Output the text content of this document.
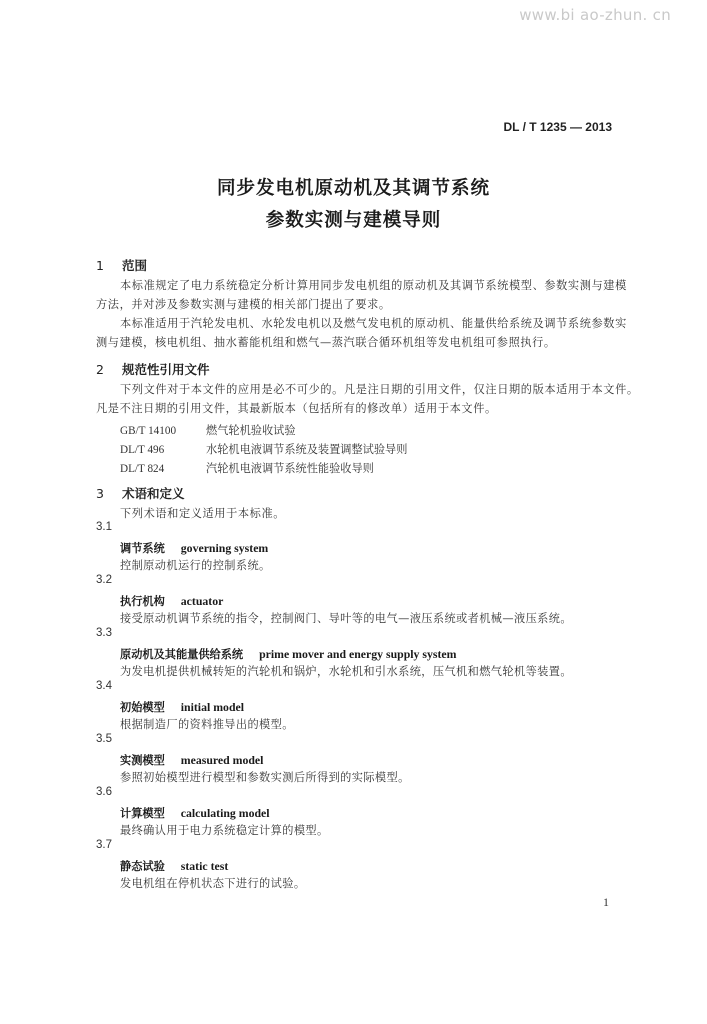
www.bi ao-zhun. cn
DL / T 1235 — 2013
同步发电机原动机及其调节系统
参数实测与建模导则
1 范围
本标准规定了电力系统稳定分析计算用同步发电机组的原动机及其调节系统模型、参数实测与建模
方法，并对涉及参数实测与建模的相关部门提出了要求。
本标准适用于汽轮发电机、水轮发电机以及燃气发电机的原动机、能量供给系统及调节系统参数实
测与建模，核电机组、抽水蓄能机组和燃气—蒸汽联合循环机组等发电机组可参照执行。
2 规范性引用文件
下列文件对于本文件的应用是必不可少的。凡是注日期的引用文件，仅注日期的版本适用于本文件。
凡是不注日期的引用文件，其最新版本（包括所有的修改单）适用于本文件。
GB/T 14100	燃气轮机验收试验
DL/T 496	水轮机电液调节系统及装置调整试验导则
DL/T 824	汽轮机电液调节系统性能验收导则
3 术语和定义
下列术语和定义适用于本标准。
3.1
调节系统 governing system
控制原动机运行的控制系统。
3.2
执行机构 actuator
接受原动机调节系统的指令，控制阀门、导叶等的电气—液压系统或者机械—液压系统。
3.3
原动机及其能量供给系统 prime mover and energy supply system
为发电机提供机械转矩的汽轮机和锅炉，水轮机和引水系统，压气机和燃气轮机等装置。
3.4
初始模型 initial model
根据制造厂的资料推导出的模型。
3.5
实测模型 measured model
参照初始模型进行模型和参数实测后所得到的实际模型。
3.6
计算模型 calculating model
最终确认用于电力系统稳定计算的模型。
3.7
静态试验 static test
发电机组在停机状态下进行的试验。
1
